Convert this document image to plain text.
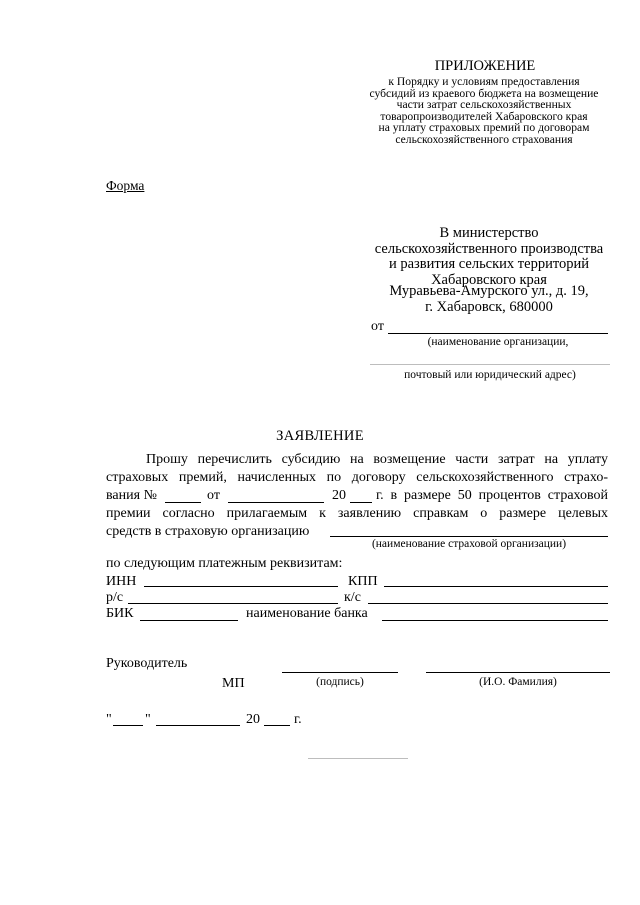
ПРИЛОЖЕНИЕ
к Порядку и условиям предоставления
субсидий из краевого бюджета на возмещение
части затрат сельскохозяйственных
товаропроизводителей Хабаровского края
на уплату страховых премий по договорам
сельскохозяйственного страхования
Форма
В министерство
сельскохозяйственного производства
и развития сельских территорий
Хабаровского края
Муравьева-Амурского ул., д. 19,
г. Хабаровск, 680000
от
(наименование организации,
почтовый или юридический адрес)
ЗАЯВЛЕНИЕ
Прошу перечислить субсидию на возмещение части затрат на уплату
страховых премий, начисленных по договору сельскохозяйственного страхо-
вания №	от	20 г. в размере 50 процентов страховой
премии согласно прилагаемым к заявлению справкам о размере целевых
средств в страховую организацию
(наименование страховой организации)
по следующим платежным реквизитам:
ИНН	КПП
р/с	к/с
БИК	наименование банка
Руководитель
МП	(подпись)	(И.О. Фамилия)
" "	20 г.
